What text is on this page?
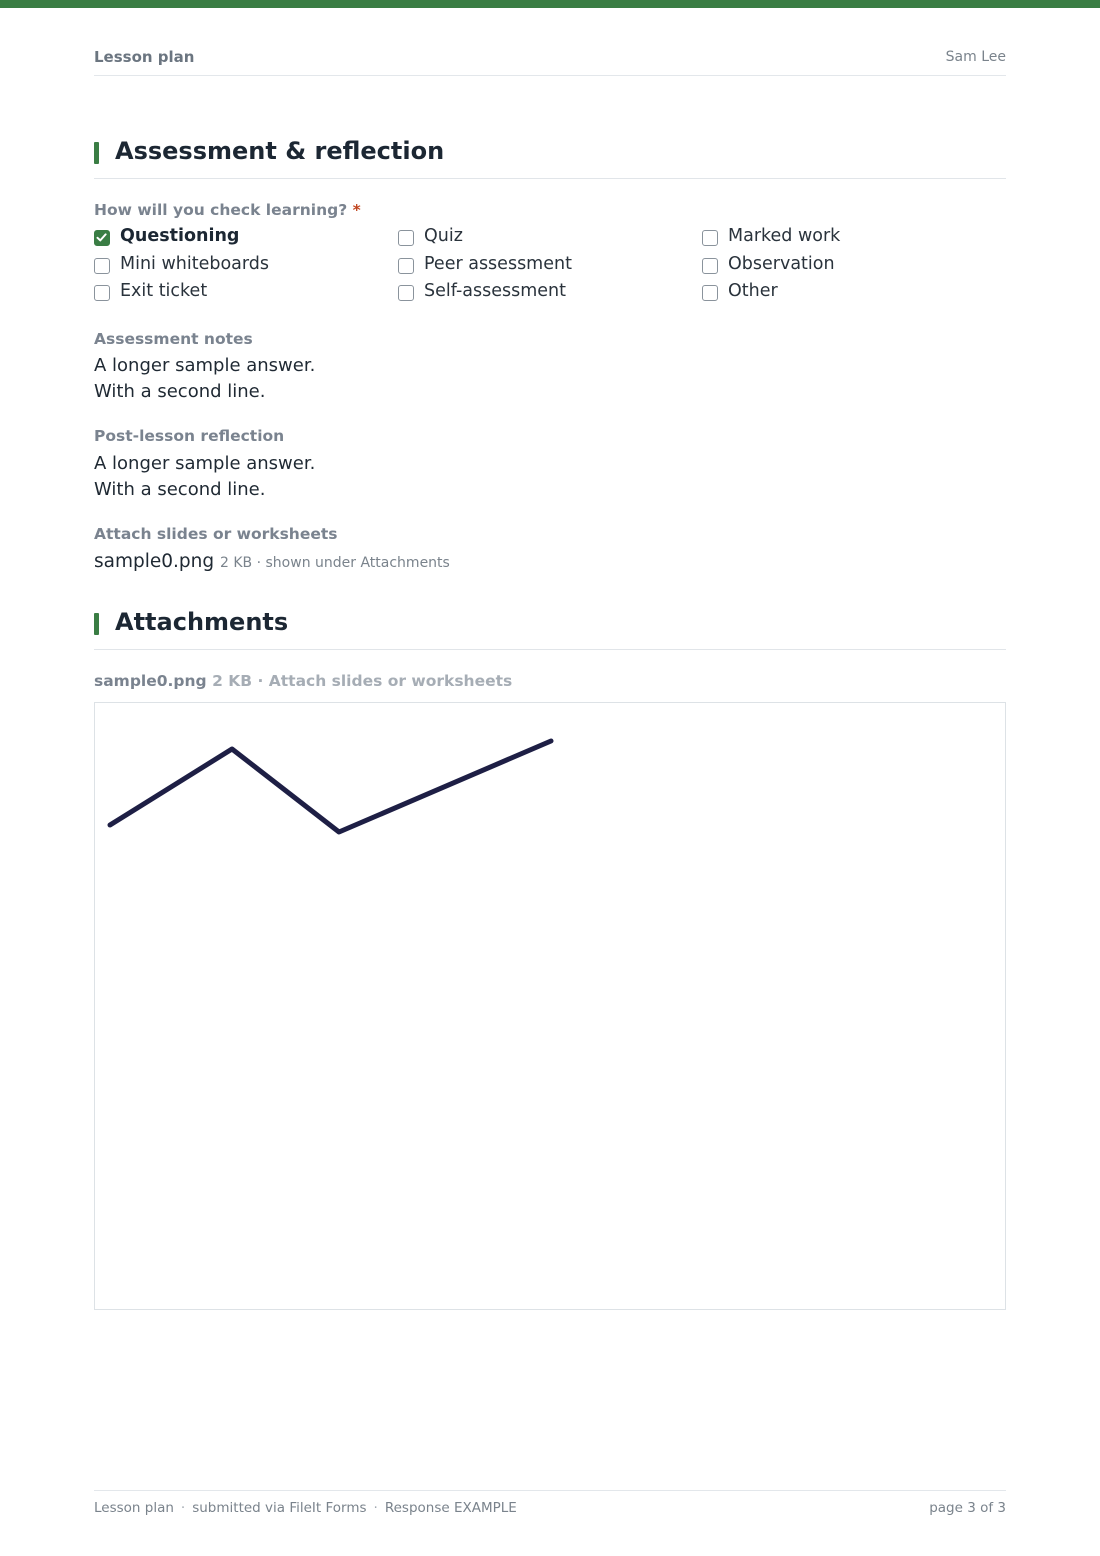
Lesson plan	Sam Lee
Assessment & reflection
How will you check learning? *
Questioning	Quiz	Marked work
Mini whiteboards	Peer assessment	Observation
Exit ticket	Self-assessment	Other
Assessment notes
A longer sample answer.
With a second line.
Post-lesson reflection
A longer sample answer.
With a second line.
Attach slides or worksheets
sample0.png 2 KB · shown under Attachments
Attachments
sample0.png 2 KB · Attach slides or worksheets
Lesson plan · submitted via FileIt Forms · Response EXAMPLE	page 3 of 3
